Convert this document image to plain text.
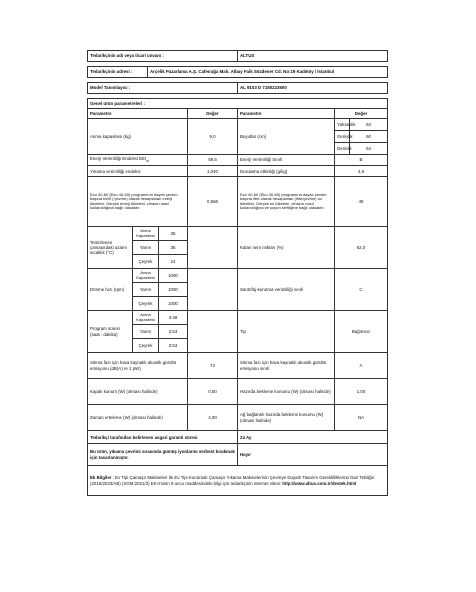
Tedarikçinin adı veya ticari unvanı :	ALTUS
Tedarikçinin adresi :	Arçelik Pazarlama A.Ş. Cafeırağa Mah. Albay Faik Sözdener Cd. No:19 Kadıköy / İstanbul
Model Tanımlayıcı :	AL 9103 D 7150223500
Genel ürün parametreleri :						
Parametre			Değer	Parametre	Değer	
Anma kapasitesi (kg)			9,0	Boyutlar (cm)	Yükseklik	84
					Genişlik	60
					Derinlik	64
Enerji Verimliliği Endeksi $EEI_W$			59,5	Enerji Verimliliği Sınıfı	B	
Yıkama verimliliği endeksi			1,040	Durulama etkinliği (g/kg)	4,9	
Eco 40-60 (Eko 40-60) programının dayalı çevrim başına kWh (‘çevrim) olarak hesaplanan enerji tüketimi. Gerçek enerji tüketimi, cihazın nasıl kullanıldığına bağlı olacaktır.			0,566	Eco 40-60 (Eko 40-60) programına dayalı çevrim başına litre olarak hesaplanan (litre/çevrim) su tüketimi. Gerçek su tüketimi, cihazın nasıl kullanıldığına ve suyun sertliğine bağlı olacaktır.	49	
Temizlenen çamaşırdaki azami sıcaklık (°C)	Anma Kapasitesi	35		Kalan nem miktarı (%)	62,0	
	Yarım	35				
	Çeyrek	24				
Dönme hızı (rpm)	Anma Kapasitesi	1000		Santrifüj-kurutma verimliliği sınıfı	C	
	Yarım	1000				
	Çeyrek	1000				
Program süresi (saat : dakika)	Anma Kapasitesi	3:48		Tip	Bağımsız	
	Yarım	2:53				
	Çeyrek	2:53				
Sıkma fazı için hava kaynaklı akustik gürültü emisyonu (dB(A) re 1 pW)			72	Sıkma fazı için hava kaynaklı akustik gürültü emisyonu sınıfı	A	
Kapalı konum (W) (olması halinde)			0,50	Hazırda bekleme konumu (W) (olması halinde)	1,00	
Zaman erteleme (W) (olması halinde)			4,00	Ağ bağlantılı hazırda bekleme konumu (W) (olması halinde)	NA	
Tedarikçi tarafından belirlenen asgari garanti süresi				24 Ay		
Bu ürün, yıkama çevrimi sırasında gümüş iyonlarını serbest bırakmak için tasarlanmıştır.				Hayır		
Ek Bilgiler : Ev Tipi Çamaşır Makineleri İle Ev Tipi Kurutmalı Çamaşır Yıkama Makinelerinin Çevreye Duyarlı Tasarım Gereklilliklerine Dair Tebliğin (2019/2023/AB) (SGM:2021/3) Ek-II’sinin 9 uncu maddesindeki bilgi için tedarikçinin internet sitesi: http://www.altus.com.tr/destek.html						
